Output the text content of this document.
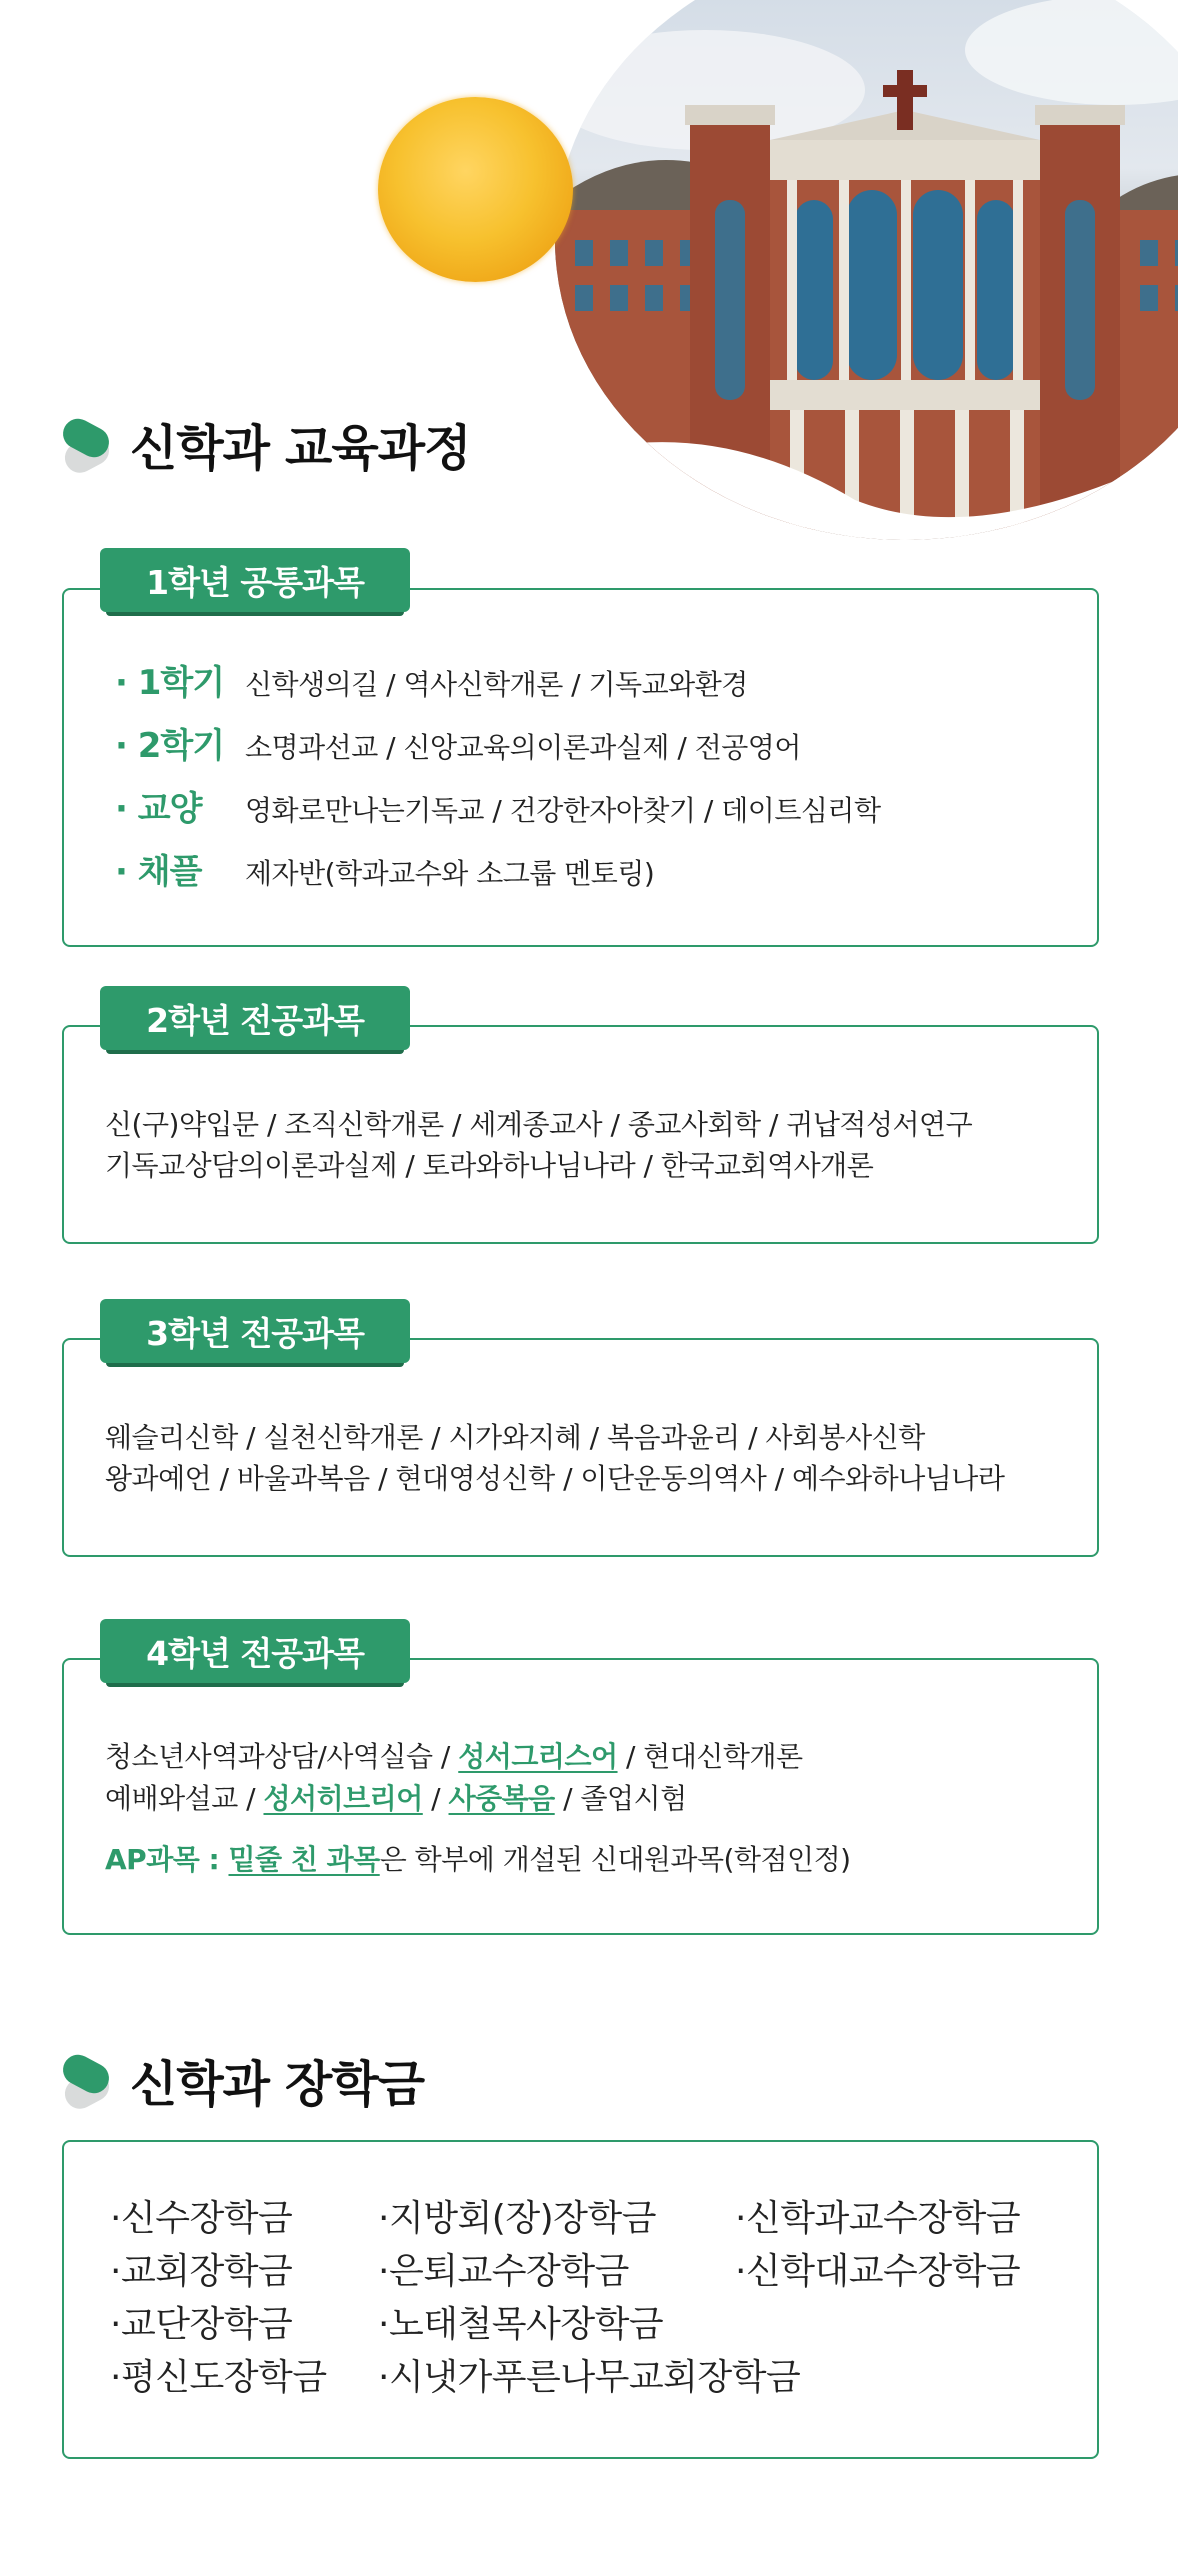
신학과 교육과정
1학년 공통과목
· 1학기 신학생의길 / 역사신학개론 / 기독교와환경
· 2학기 소명과선교 / 신앙교육의이론과실제 / 전공영어
· 교양	영화로만나는기독교 / 건강한자아찾기 / 데이트심리학
· 채플	제자반(학과교수와 소그룹 멘토링)
2학년 전공과목
신(구)약입문 / 조직신학개론 / 세계종교사 / 종교사회학 / 귀납적성서연구
기독교상담의이론과실제 / 토라와하나님나라 / 한국교회역사개론
3학년 전공과목
웨슬리신학 / 실천신학개론 / 시가와지혜 / 복음과윤리 / 사회봉사신학
왕과예언 / 바울과복음 / 현대영성신학 / 이단운동의역사 / 예수와하나님나라
4학년 전공과목
청소년사역과상담/사역실습 / 성서그리스어 / 현대신학개론
예배와설교 / 성서히브리어 / 사중복음 / 졸업시험
AP과목 : 밑줄 친 과목은 학부에 개설된 신대원과목(학점인정)
신학과 장학금
·신수장학금
·교회장학금
·교단장학금
·평신도장학금
·지방회(장)장학금
·은퇴교수장학금
·노태철목사장학금
·시냇가푸른나무교회장학금
·신학과교수장학금
·신학대교수장학금
